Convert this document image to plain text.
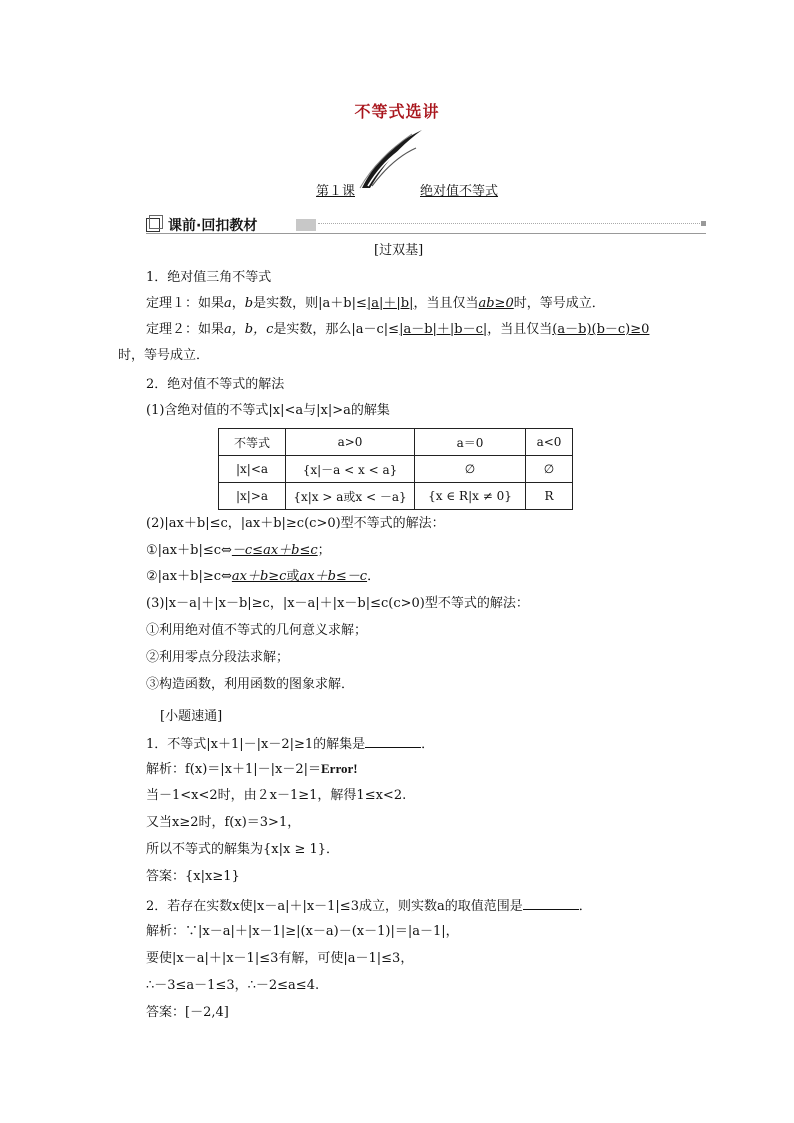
不等式选讲
第１课	绝对值不等式
课前·回扣教材
[过双基]
1．绝对值三角不等式
定理１：如果a，b是实数，则|a＋b|≤|a|＋|b|，当且仅当ab≥0时，等号成立．
定理２：如果a，b，c是实数，那么|a－c|≤|a－b|＋|b－c|，当且仅当(a－b)(b－c)≥0
时，等号成立．
2．绝对值不等式的解法
(1)含绝对值的不等式|x|<a与|x|>a的解集
不等式	a>0	a＝0	a<0
|x|<a	{x|－a < x < a}	∅	∅
|x|>a	{x|x > a或x < －a}	{x ∈ R|x ≠ 0}	R
(2)|ax＋b|≤c，|ax＋b|≥c(c>0)型不等式的解法：
①|ax＋b|≤c⇔－c≤ax＋b≤c；
②|ax＋b|≥c⇔ax＋b≥c或ax＋b≤－c．
(3)|x－a|＋|x－b|≥c，|x－a|＋|x－b|≤c(c>0)型不等式的解法：
①利用绝对值不等式的几何意义求解；
②利用零点分段法求解；
③构造函数，利用函数的图象求解．
[小题速通]
1．不等式|x＋1|－|x－2|≥1的解集是	．
解析：f(x)＝|x＋1|－|x－2|＝Error!
当－1<x<2时，由２x－1≥1，解得1≤x<2.
又当x≥2时，f(x)＝3>1，
所以不等式的解集为{x|x ≥ 1}．
答案：{x|x≥1}
2．若存在实数x使|x－a|＋|x－1|≤3成立，则实数a的取值范围是	．
解析：∵|x－a|＋|x－1|≥|(x－a)－(x－1)|＝|a－1|，
要使|x－a|＋|x－1|≤3有解，可使|a－1|≤3，
∴－3≤a－1≤3，∴－2≤a≤4.
答案：[－2,4]
